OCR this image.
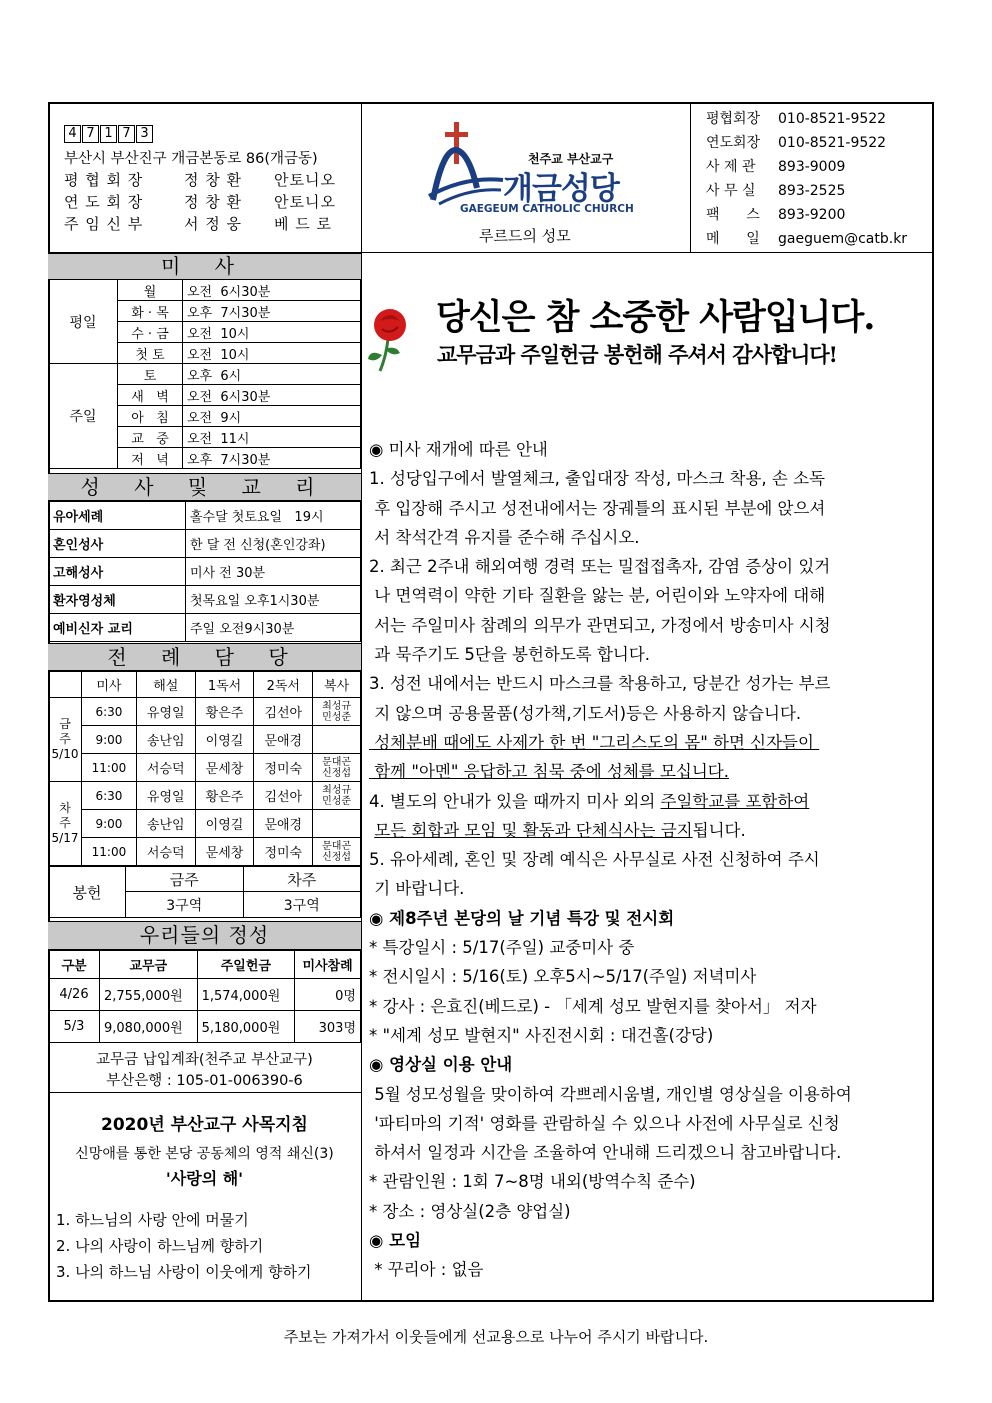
4 7 1 7 3
부산시 부산진구 개금본동로 86(개금동)
평 협 회 장	정 창 환 안토니오
연 도 회 장	정 창 환 안토니오
주 임 신 부	서 정 웅 베 드 로
천주교 부산교구
개금성당
GAEGEUM CATHOLIC CHURCH
루르드의 성모
평협회장 010-8521-9522
연도회장 010-8521-9522
사 제 관 893-9009
사 무 실 893-2525
팩      스 893-9200
메      일 gaeguem@catb.kr
미 사
평일	월	오전  6시30분
	화 · 목	오후  7시30분
	수 · 금	오전  10시
	첫 토	오전  10시
주일	토	오후  6시
	새   벽	오전  6시30분
	아   침	오전  9시
	교   중	오전  11시
	저   녁	오후  7시30분
성 사 및 교 리
유아세례	홀수달 첫토요일   19시
혼인성사	한 달 전 신청(혼인강좌)
고해성사	미사 전 30분
환자영성체	첫목요일 오후1시30분
예비신자 교리	주일 오전9시30분
전 례 담 당
	미사	해설	1독서	2독서	복사
금
주
5/10	6:30	유영일	황은주	김선아	최성규
민성준
	9:00	송난임	이영길	문애경	
	11:00	서승덕	문세창	정미숙	문대곤
신정섭
차
주
5/17	6:30	유영일	황은주	김선아	최성규
민성준
	9:00	송난임	이영길	문애경	
	11:00	서승덕	문세창	정미숙	문대곤
신정섭
봉헌	금주	차주
	3구역	3구역
우리들의 정성
구분	교무금	주일헌금	미사참례
4/26	2,755,000원	1,574,000원	0명
5/3	9,080,000원	5,180,000원	303명
교무금 납입계좌(천주교 부산교구)
부산은행 : 105-01-006390-6
2020년 부산교구 사목지침
신망애를 통한 본당 공동체의 영적 쇄신(3)
'사랑의 해'
1. 하느님의 사랑 안에 머물기
2. 나의 사랑이 하느님께 향하기
3. 나의 하느님 사랑이 이웃에게 향하기
당신은 참 소중한 사람입니다.
교무금과 주일헌금 봉헌해 주셔서 감사합니다!

◉ 미사 재개에 따른 안내

1. 성당입구에서 발열체크, 출입대장 작성, 마스크 착용, 손 소독

후 입장해 주시고 성전내에서는 장궤틀의 표시된 부분에 앉으셔

서 착석간격 유지를 준수해 주십시오.

2. 최근 2주내 해외여행 경력 또는 밀접접촉자, 감염 증상이 있거

나 면역력이 약한 기타 질환을 앓는 분, 어린이와 노약자에 대해

서는 주일미사 참례의 의무가 관면되고, 가정에서 방송미사 시청

과 묵주기도 5단을 봉헌하도록 합니다.

3. 성전 내에서는 반드시 마스크를 착용하고, 당분간 성가는 부르

지 않으며 공용물품(성가책,기도서)등은 사용하지 않습니다.

성체분배 때에도 사제가 한 번 "그리스도의 몸" 하면 신자들이

함께 "아멘" 응답하고 침묵 중에 성체를 모십니다.

4. 별도의 안내가 있을 때까지 미사 외의 주일학교를 포함하여

모든 회합과 모임 및 활동과 단체식사는 금지됩니다.

5. 유아세례, 혼인 및 장례 예식은 사무실로 사전 신청하여 주시

기 바랍니다.

◉ 제8주년 본당의 날 기념 특강 및 전시회

* 특강일시 : 5/17(주일) 교중미사 중

* 전시일시 : 5/16(토) 오후5시~5/17(주일) 저녁미사

* 강사 : 은효진(베드로) - 「세계 성모 발현지를 찾아서」 저자

* "세계 성모 발현지" 사진전시회 : 대건홀(강당)

◉ 영상실 이용 안내

5월 성모성월을 맞이하여 각쁘레시움별, 개인별 영상실을 이용하여

'파티마의 기적' 영화를 관람하실 수 있으나 사전에 사무실로 신청

하셔서 일정과 시간을 조율하여 안내해 드리겠으니 참고바랍니다.

* 관람인원 : 1회 7~8명 내외(방역수칙 준수)

* 장소 : 영상실(2층 양업실)

◉ 모임

* 꾸리아 : 없음

주보는 가져가서 이웃들에게 선교용으로 나누어 주시기 바랍니다.
